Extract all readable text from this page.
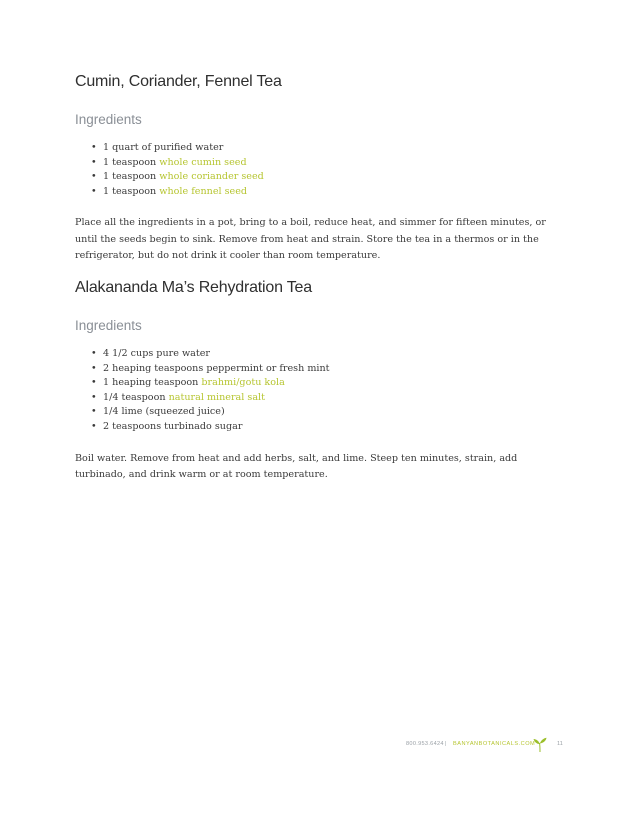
Cumin, Coriander, Fennel Tea
Ingredients
• 1 quart of purified water
• 1 teaspoon whole cumin seed
• 1 teaspoon whole coriander seed
• 1 teaspoon whole fennel seed

Place all the ingredients in a pot, bring to a boil, reduce heat, and simmer for fifteen minutes, or until the seeds begin to sink. Remove from heat and strain. Store the tea in a thermos or in the refrigerator, but do not drink it cooler than room temperature.

Alakananda Ma’s Rehydration Tea
Ingredients
• 4 1/2 cups pure water
• 2 heaping teaspoons peppermint or fresh mint
• 1 heaping teaspoon brahmi/gotu kola
• 1/4 teaspoon natural mineral salt
• 1/4 lime (squeezed juice)
• 2 teaspoons turbinado sugar

Boil water. Remove from heat and add herbs, salt, and lime. Steep ten minutes, strain, add turbinado, and drink warm or at room temperature.

800.953.6424 | BANYANBOTANICALS.COM	11
